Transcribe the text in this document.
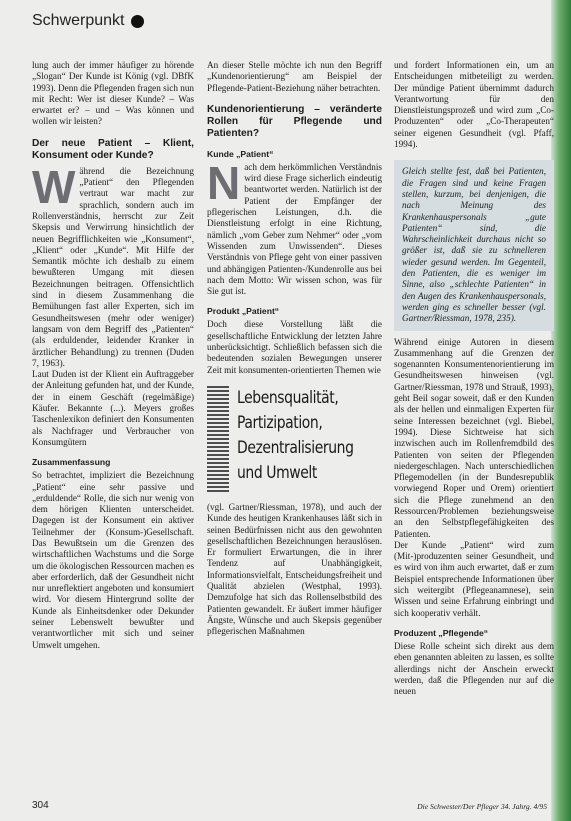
Schwerpunkt

lung auch der immer häufiger zu hörende „Slogan“ Der Kunde ist König (vgl. DBfK 1993). Denn die Pflegenden fragen sich nun mit Recht: Wer ist dieser Kunde? – Was erwartet er? – und – Was können und wollen wir leisten?

Der neue Patient – Klient, Konsument oder Kunde?

Während die Bezeichnung „Patient“ den Pflegenden vertraut war macht zur sprachlich, sondern auch im Rollenverständnis, herrscht zur Zeit Skepsis und Verwirrung hinsichtlich der neuen Begrifflichkeiten wie „Konsument“, „Klient“ oder „Kunde“. Mit Hilfe der Semantik möchte ich deshalb zu einem bewußteren Umgang mit diesen Bezeichnungen beitragen. Offensichtlich sind in diesem Zusammenhang die Bemühungen fast aller Experten, sich im Gesundheitswesen (mehr oder weniger) langsam von dem Begriff des „Patienten“ (als erduldender, leidender Kranker in ärztlicher Behandlung) zu trennen (Duden 7, 1963).

Laut Duden ist der Klient ein Auftraggeber der Anleitung gefunden hat, und der Kunde, der in einem Geschäft (regelmäßige) Käufer. Bekannte (...). Meyers großes Taschenlexikon definiert den Konsumenten als Nachfrager und Verbraucher von Konsumgütern

Zusammenfassung

So betrachtet, impliziert die Bezeichnung „Patient“ eine sehr passive und „erduldende“ Rolle, die sich nur wenig von dem hörigen Klienten unterscheidet. Dagegen ist der Konsument ein aktiver Teilnehmer der (Konsum-)Gesellschaft. Das Bewußtsein um die Grenzen des wirtschaftlichen Wachstums und die Sorge um die ökologischen Ressourcen machen es aber erforderlich, daß der Gesundheit nicht nur unreflektiert angeboten und konsumiert wird. Vor diesem Hintergrund sollte der Kunde als Einheitsdenker oder Dekunder seiner Lebenswelt bewußter und verantwortlicher mit sich und seiner Umwelt umgehen.

An dieser Stelle möchte ich nun den Begriff „Kundenorientierung“ am Beispiel der Pflegende-Patient-Beziehung näher betrachten.

Kundenorientierung – veränderte Rollen für Pflegende und Patienten?
Kunde „Patient“

Nach dem herkömmlichen Verständnis wird diese Frage sicherlich eindeutig beantwortet werden. Natürlich ist der Patient der Empfänger der pflegerischen Leistungen, d.h. die Dienstleistung erfolgt in eine Richtung, nämlich „vom Geber zum Nehmer“ oder „vom Wissenden zum Unwissenden“. Dieses Verständnis von Pflege geht von einer passiven und abhängigen Patienten-/Kundenrolle aus bei nach dem Motto: Wir wissen schon, was für Sie gut ist.

Produkt „Patient“

Doch diese Vorstellung läßt die gesellschaftliche Entwicklung der letzten Jahre unberücksichtigt. Schließlich befassen sich die bedeutenden sozialen Bewegungen unserer Zeit mit konsumenten-orientierten Themen wie

Lebensqualität,
Partizipation,
Dezentralisierung
und Umwelt

(vgl. Gartner/Riessman, 1978), und auch der Kunde des heutigen Krankenhauses läßt sich in seinen Bedürfnissen nicht aus den gewohnten gesellschaftlichen Bezeichnungen herauslösen. Er formuliert Erwartungen, die in ihrer Tendenz auf Unabhängigkeit, Informationsvielfalt, Entscheidungsfreiheit und Qualität abzielen (Westphal, 1993). Demzufolge hat sich das Rollenselbstbild des Patienten gewandelt. Er äußert immer häufiger Ängste, Wünsche und auch Skepsis gegenüber pflegerischen Maßnahmen

und fordert Informationen ein, um an Entscheidungen mitbeteiligt zu werden. Der mündige Patient übernimmt dadurch Verantwortung für den Dienstleistungsprozeß und wird zum „Co-Produzenten“ oder „Co-Therapeuten“ seiner eigenen Gesundheit (vgl. Pfaff, 1994).

Gleich stellte fest, daß bei Patienten, die Fragen sind und keine Fragen stellen, kurzum, bei denjenigen, die nach Meinung des Krankenhauspersonals „gute Patienten“ sind, die Wahrscheinlichkeit durchaus nicht so größer ist, daß sie zu schnelleren wieder gesund werden. Im Gegenteil, den Patienten, die es weniger im Sinne, also „schlechte Patienten“ in den Augen des Krankenhauspersonals, werden ging es schneller besser (vgl. Gartner/Riessman, 1978, 235).

Während einige Autoren in diesem Zusammenhang auf die Grenzen der sogenannten Konsumentenorientierung im Gesundheitswesen hinweisen (vgl. Gartner/Riessman, 1978 und Strauß, 1993), geht Beil sogar soweit, daß er den Kunden als der hellen und einmaligen Experten für seine Interessen bezeichnet (vgl. Biebel, 1994). Diese Sichtweise hat sich inzwischen auch im Rollenfremdbild des Patienten von seiten der Pflegenden niedergeschlagen. Nach unterschiedlichen Pflegemodellen (in der Bundesrepublik vorwiegend Roper und Orem) orientiert sich die Pflege zunehmend an den Ressourcen/Problemen beziehungsweise an den Selbstpflegefähigkeiten des Patienten.

Der Kunde „Patient“ wird zum (Mit-)produzenten seiner Gesundheit, und es wird von ihm auch erwartet, daß er zum Beispiel entsprechende Informationen über sich weitergibt (Pflegeanamnese), sein Wissen und seine Erfahrung einbringt und sich kooperativ verhält.

Produzent „Pflegende“

Diese Rolle scheint sich direkt aus dem eben genannten ableiten zu lassen, es sollte allerdings nicht der Anschein erweckt werden, daß die Pflegenden nur auf die neuen

304	Die Schwester/Der Pfleger 34. Jahrg. 4/95
